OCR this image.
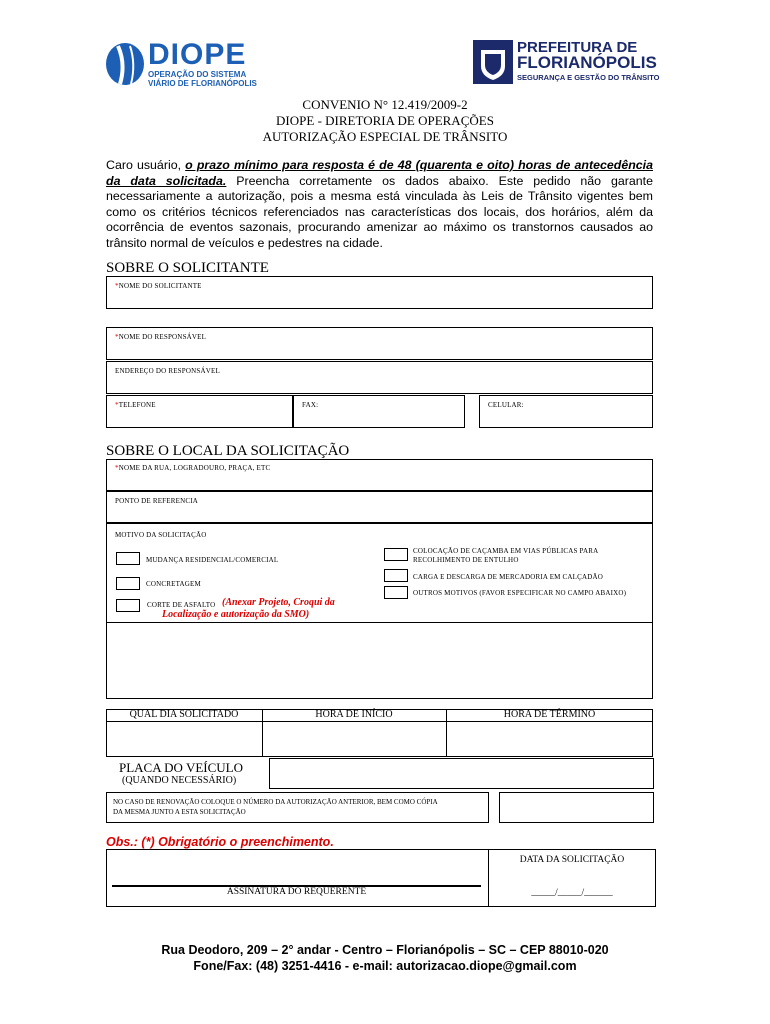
DIOPE
OPERAÇÃO DO SISTEMA
VIÁRIO DE FLORIANÓPOLIS
PREFEITURA DE
FLORIANÓPOLIS
SEGURANÇA E GESTÃO DO TRÂNSITO
CONVENIO N° 12.419/2009-2
DIOPE - DIRETORIA DE OPERAÇÕES
AUTORIZAÇÃO ESPECIAL DE TRÂNSITO
Caro usuário, o prazo mínimo para resposta é de 48 (quarenta e oito) horas de antecedência da data solicitada. Preencha corretamente os dados abaixo. Este pedido não garante necessariamente a autorização, pois a mesma está vinculada às Leis de Trânsito vigentes bem como os critérios técnicos referenciados nas características dos locais, dos horários, além da ocorrência de eventos sazonais, procurando amenizar ao máximo os transtornos causados ao trânsito normal de veículos e pedestres na cidade.
SOBRE O SOLICITANTE
*NOME DO SOLICITANTE
*NOME DO RESPONSÁVEL
ENDEREÇO DO RESPONSÁVEL
*TELEFONE	FAX:	CELULAR:
SOBRE O LOCAL DA SOLICITAÇÃO
*NOME DA RUA, LOGRADOURO, PRAÇA, ETC
PONTO DE REFERENCIA
MOTIVO DA SOLICITAÇÃO
MUDANÇA RESIDENCIAL/COMERCIAL
CONCRETAGEM
CORTE DE ASFALTO (Anexar Projeto, Croqui da
Localização e autorização da SMO)
COLOCAÇÃO DE CAÇAMBA EM VIAS PÚBLICAS PARA
RECOLHIMENTO DE ENTULHO
CARGA E DESCARGA DE MERCADORIA EM CALÇADÃO
OUTROS MOTIVOS (FAVOR ESPECIFICAR NO CAMPO ABAIXO)
QUAL DIA SOLICITADO	HORA DE INÍCIO	HORA DE TÉRMINO
PLACA DO VEÍCULO
(QUANDO NECESSÁRIO)
NO CASO DE RENOVAÇÃO COLOQUE O NÚMERO DA AUTORIZAÇÃO ANTERIOR, BEM COMO CÓPIA
DA MESMA JUNTO A ESTA SOLICITAÇÃO
Obs.: (*) Obrigatório o preenchimento.
ASSINATURA DO REQUERENTE
DATA DA SOLICITAÇÃO
_____/_____/______
Rua Deodoro, 209 – 2° andar - Centro – Florianópolis – SC – CEP 88010-020
Fone/Fax: (48) 3251-4416 - e-mail: autorizacao.diope@gmail.com
